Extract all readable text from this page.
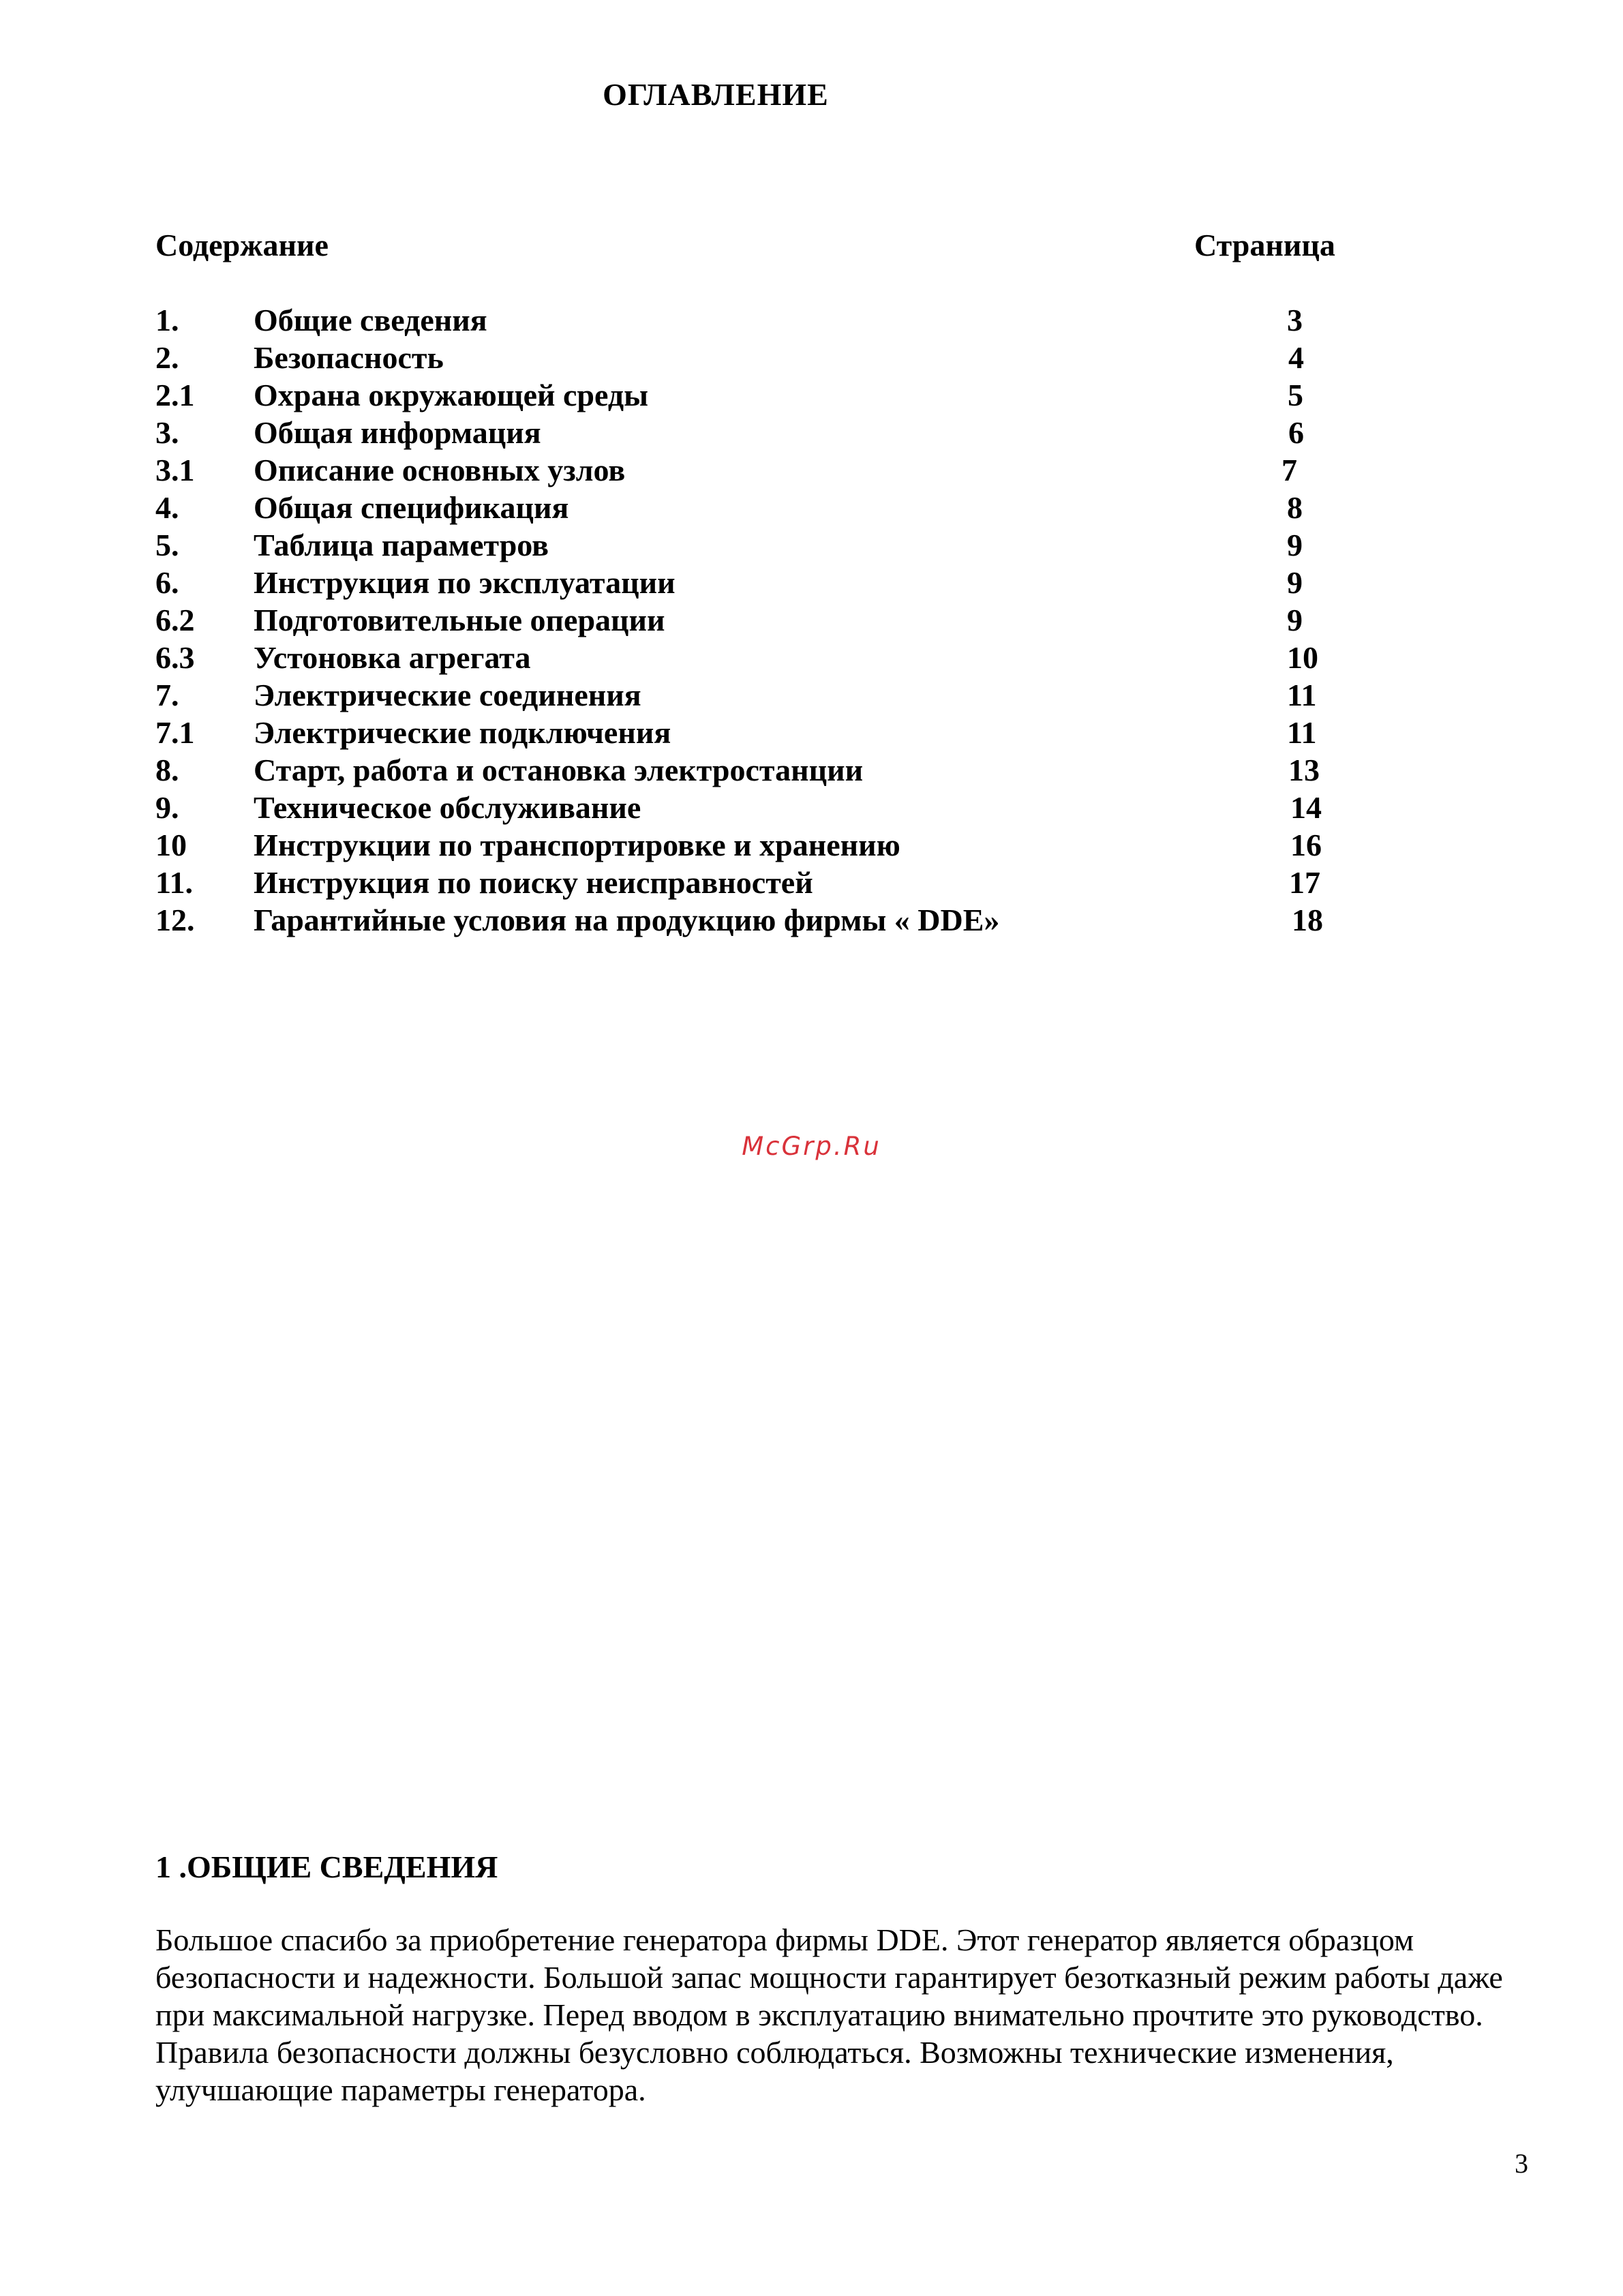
ОГЛАВЛЕНИЕ
Содержание	Страница
1. Общие сведения	3
2. Безопасность	4
2.1 Охрана окружающей среды	5
3. Общая информация	6
3.1 Описание основных узлов	7
4. Общая спецификация	8
5. Таблица параметров	9
6. Инструкция по эксплуатации	9
6.2 Подготовительные операции	9
6.3 Устоновка агрегата	10
7. Электрические соединения	11
7.1 Электрические подключения	11
8. Старт, работа и остановка электростанции	13
9. Техническое обслуживание	14
10 Инструкции по транспортировке и хранению	16
11. Инструкция по поиску неисправностей	17
12. Гарантийные условия на продукцию фирмы « DDE»	18
McGrp.Ru
1 .ОБЩИЕ СВЕДЕНИЯ
Большое спасибо за приобретение генератора фирмы DDE. Этот генератор является образцом безопасности и надежности. Большой запас мощности гарантирует безотказный режим работы даже при максимальной нагрузке. Перед вводом в эксплуатацию внимательно прочтите это руководство. Правила безопасности должны безусловно соблюдаться. Возможны технические изменения, улучшающие параметры генератора.
3
